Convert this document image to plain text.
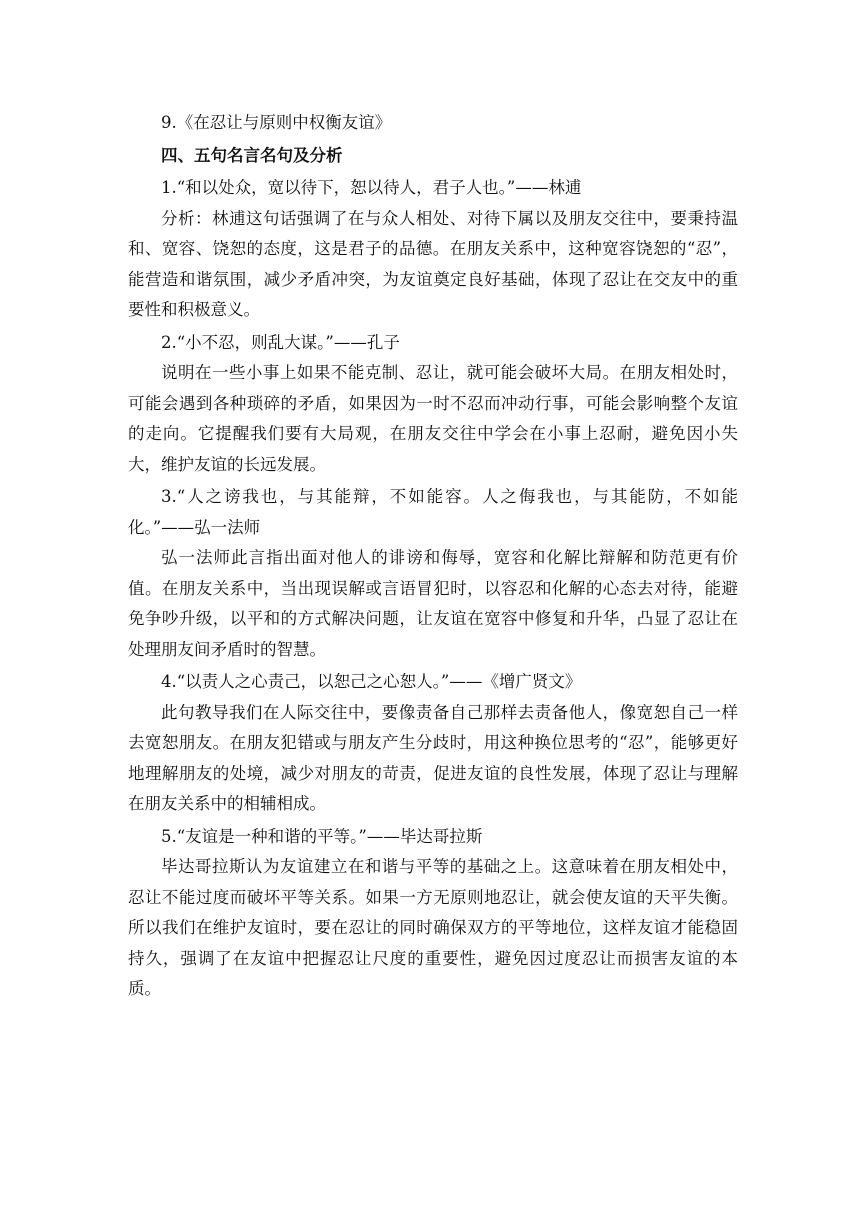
9.《在忍让与原则中权衡友谊》

四、五句名言名句及分析

1.“和以处众，宽以待下，恕以待人，君子人也。”——林逋

分析：林逋这句话强调了在与众人相处、对待下属以及朋友交往中，要秉持温和、宽容、饶恕的态度，这是君子的品德。在朋友关系中，这种宽容饶恕的“忍”，能营造和谐氛围，减少矛盾冲突，为友谊奠定良好基础，体现了忍让在交友中的重要性和积极意义。

2.“小不忍，则乱大谋。”——孔子

说明在一些小事上如果不能克制、忍让，就可能会破坏大局。在朋友相处时，可能会遇到各种琐碎的矛盾，如果因为一时不忍而冲动行事，可能会影响整个友谊的走向。它提醒我们要有大局观，在朋友交往中学会在小事上忍耐，避免因小失大，维护友谊的长远发展。

3.“人之谤我也，与其能辩，不如能容。人之侮我也，与其能防，不如能化。”——弘一法师

弘一法师此言指出面对他人的诽谤和侮辱，宽容和化解比辩解和防范更有价值。在朋友关系中，当出现误解或言语冒犯时，以容忍和化解的心态去对待，能避免争吵升级，以平和的方式解决问题，让友谊在宽容中修复和升华，凸显了忍让在处理朋友间矛盾时的智慧。

4.“以责人之心责己，以恕己之心恕人。”——《增广贤文》

此句教导我们在人际交往中，要像责备自己那样去责备他人，像宽恕自己一样去宽恕朋友。在朋友犯错或与朋友产生分歧时，用这种换位思考的“忍”，能够更好地理解朋友的处境，减少对朋友的苛责，促进友谊的良性发展，体现了忍让与理解在朋友关系中的相辅相成。

5.“友谊是一种和谐的平等。”——毕达哥拉斯

毕达哥拉斯认为友谊建立在和谐与平等的基础之上。这意味着在朋友相处中，忍让不能过度而破坏平等关系。如果一方无原则地忍让，就会使友谊的天平失衡。所以我们在维护友谊时，要在忍让的同时确保双方的平等地位，这样友谊才能稳固持久，强调了在友谊中把握忍让尺度的重要性，避免因过度忍让而损害友谊的本质。
